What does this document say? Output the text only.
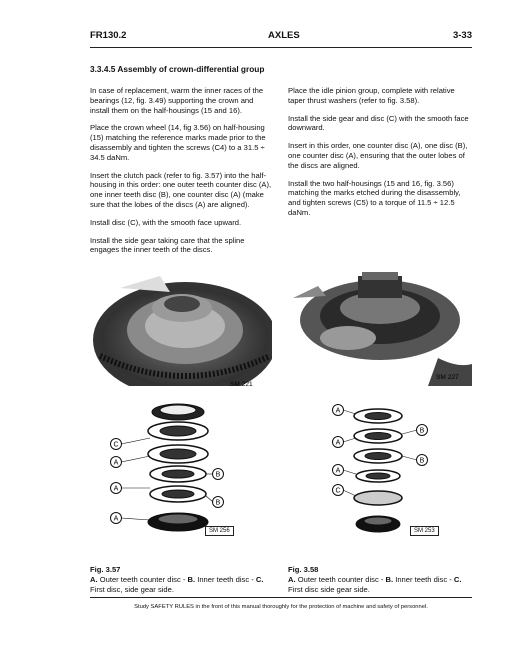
FR130.2	AXLES	3-33
3.3.4.5 Assembly of crown-differential group

In case of replacement, warm the inner races of the bearings (12, fig. 3.49) supporting the crown and install them on the half-housings (15 and 16).

Place the crown wheel (14, fig 3.56) on half-housing (15) matching the reference marks made prior to the disassembly and tighten the screws (C4) to a 31.5 ÷ 34.5 daNm.

Insert the clutch pack (refer to fig. 3.57) into the half-housing in this order: one outer teeth counter disc (A), one inner teeth disc (B), one counter disc (A) (make sure that the lobes of the discs (A) are aligned).

Install disc (C), with the smooth face upward.

Install the side gear taking care that the spline engages the inner teeth of the discs.

Place the idle pinion group, complete with relative taper thrust washers (refer to fig. 3.58).

Install the side gear and disc (C) with the smooth face downward.

Insert in this order, one counter disc (A), one disc (B), one counter disc (A), ensuring that the outer lobes of the discs are aligned.

Install the two half-housings (15 and 16, fig. 3.56) matching the marks etched during the disassembly, and tighten screws (C5) to a torque of 11.5 ÷ 12.5 daNm.

SM 221
SM 227
C
A
A
A
B
B
SM 256
A
A
A
C
B
B
SM 253
Fig. 3.57
A. Outer teeth counter disc - B. Inner teeth disc - C. First disc, side gear side.
Fig. 3.58
A. Outer teeth counter disc - B. Inner teeth disc - C. First disc side gear side.
Study SAFETY RULES in the front of this manual thoroughly for the protection of machine and safety of personnel.
